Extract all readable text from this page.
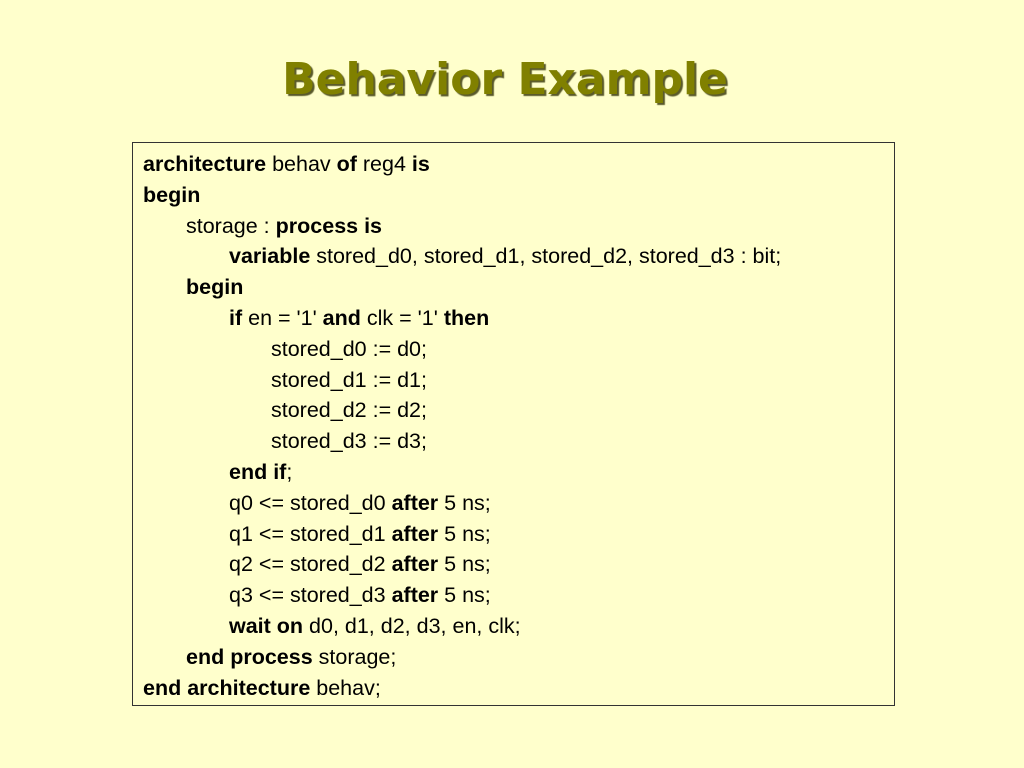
Behavior Example
architecture behav of reg4 is
begin
storage : process is
variable stored_d0, stored_d1, stored_d2, stored_d3 : bit;
begin
if en = '1' and clk = '1' then
stored_d0 := d0;
stored_d1 := d1;
stored_d2 := d2;
stored_d3 := d3;
end if;
q0 <= stored_d0 after 5 ns;
q1 <= stored_d1 after 5 ns;
q2 <= stored_d2 after 5 ns;
q3 <= stored_d3 after 5 ns;
wait on d0, d1, d2, d3, en, clk;
end process storage;
end architecture behav;
